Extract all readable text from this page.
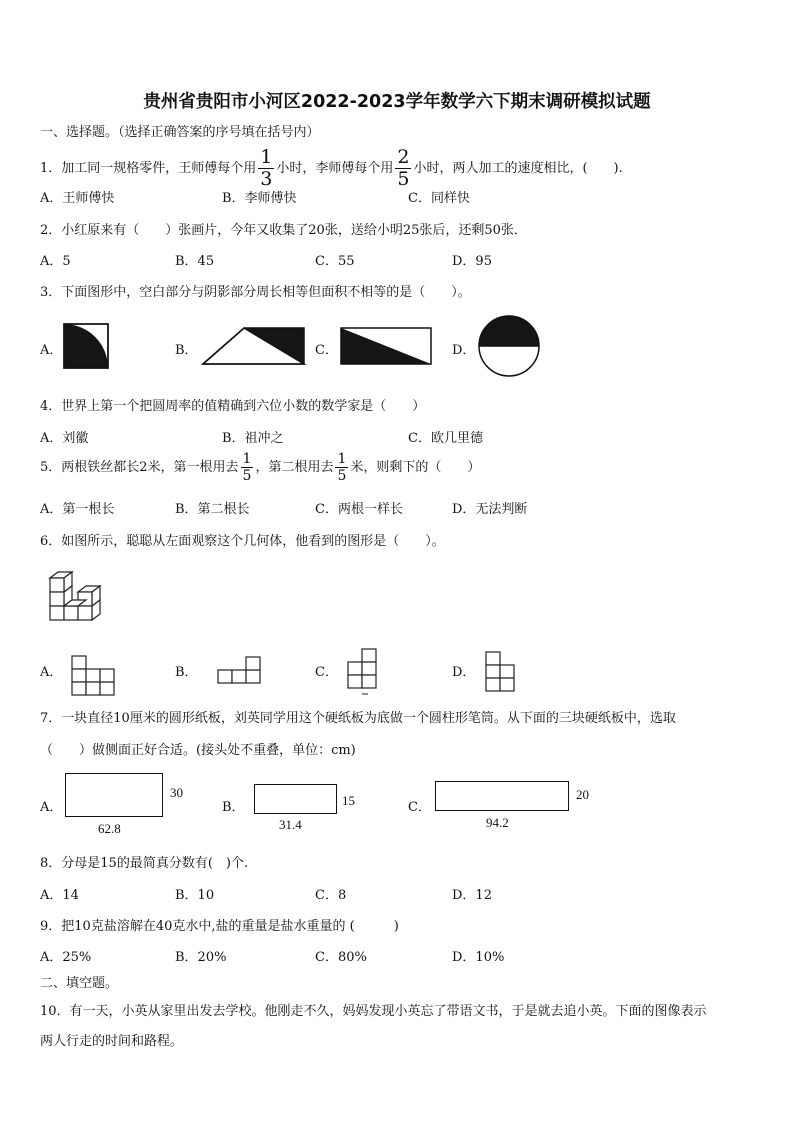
贵州省贵阳市小河区2022-2023学年数学六下期末调研模拟试题
一、选择题。（选择正确答案的序号填在括号内）
1．加工同一规格零件，王师傅每个用 $\frac{1}{3}$ 小时，李师傅每个用 $\frac{2}{5}$ 小时，两人加工的速度相比，(　　).
A．王师傅快	B．李师傅快	C．同样快
2．小红原来有（　　）张画片，今年又收集了20张，送给小明25张后，还剩50张．
A．5	B．45	C．55	D．95
3．下面图形中，空白部分与阴影部分周长相等但面积不相等的是（　　）。
A．	B．	C．	D．
4．世界上第一个把圆周率的值精确到六位小数的数学家是（　　）
A．刘徽	B．祖冲之	C．欧几里德
5．两根铁丝都长2米，第一根用去 $\frac{1}{5}$ ，第二根用去 $\frac{1}{5}$ 米，则剩下的（　　）
A．第一根长	B．第二根长	C．两根一样长	D．无法判断
6．如图所示，聪聪从左面观察这个几何体，他看到的图形是（　　）。
A．	B．	C．	D．
7．一块直径10厘米的圆形纸板，刘英同学用这个硬纸板为底做一个圆柱形笔筒。从下面的三块硬纸板中，选取
（　　）做侧面正好合适。(接头处不重叠，单位：cm)
A．	B．	C．
30
62.8
15
31.4
20
94.2
8．分母是15的最简真分数有(　)个.
A．14	B．10	C．8	D．12
9．把10克盐溶解在40克水中,盐的重量是盐水重量的 (　　　)
A．25%	B．20%	C．80%	D．10%
二、填空题。
10．有一天，小英从家里出发去学校。他刚走不久，妈妈发现小英忘了带语文书，于是就去追小英。下面的图像表示
两人行走的时间和路程。
